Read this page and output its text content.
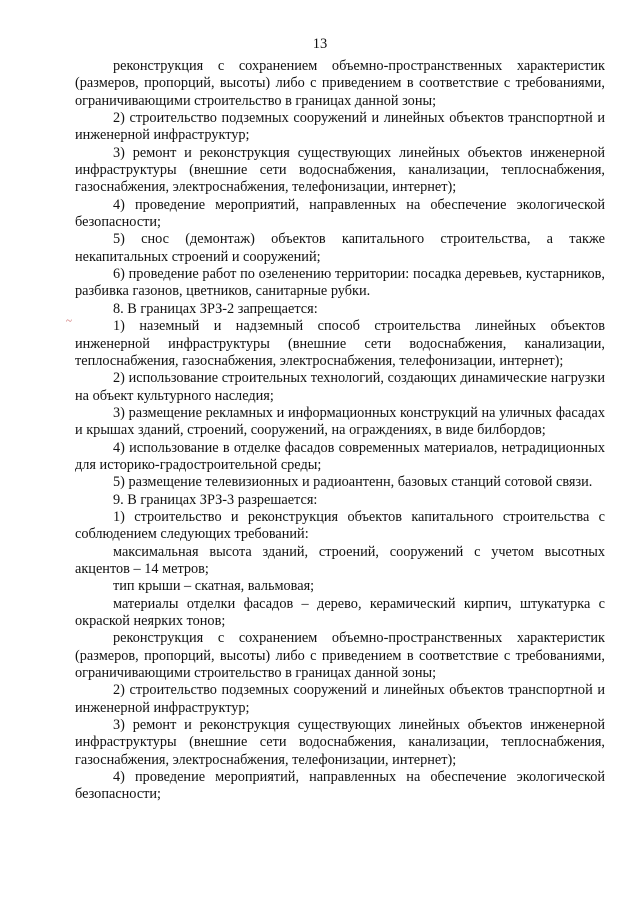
13
~

реконструкция с сохранением объемно-пространственных характеристик (размеров, пропорций, высоты) либо с приведением в соответствие с требованиями, ограничивающими строительство в границах данной зоны;

2) строительство подземных сооружений и линейных объектов транспортной и инженерной инфраструктур;

3) ремонт и реконструкция существующих линейных объектов инженерной инфраструктуры (внешние сети водоснабжения, канализации, теплоснабжения, газоснабжения, электроснабжения, телефонизации, интернет);

4) проведение мероприятий, направленных на обеспечение экологической безопасности;

5) снос (демонтаж) объектов капитального строительства, а также некапитальных строений и сооружений;

6) проведение работ по озеленению территории: посадка деревьев, кустарников, разбивка газонов, цветников, санитарные рубки.

8. В границах ЗРЗ-2 запрещается:

1) наземный и надземный способ строительства линейных объектов инженерной инфраструктуры (внешние сети водоснабжения, канализации, теплоснабжения, газоснабжения, электроснабжения, телефонизации, интернет);

2) использование строительных технологий, создающих динамические нагрузки на объект культурного наследия;

3) размещение рекламных и информационных конструкций на уличных фасадах и крышах зданий, строений, сооружений, на ограждениях, в виде билбордов;

4) использование в отделке фасадов современных материалов, нетрадиционных для историко-градостроительной среды;

5) размещение телевизионных и радиоантенн, базовых станций сотовой связи.

9. В границах ЗРЗ-3 разрешается:

1) строительство и реконструкция объектов капитального строительства с соблюдением следующих требований:

максимальная высота зданий, строений, сооружений с учетом высотных акцентов – 14 метров;

тип крыши – скатная, вальмовая;

материалы отделки фасадов – дерево, керамический кирпич, штукатурка с окраской неярких тонов;

реконструкция с сохранением объемно-пространственных характеристик (размеров, пропорций, высоты) либо с приведением в соответствие с требованиями, ограничивающими строительство в границах данной зоны;

2) строительство подземных сооружений и линейных объектов транспортной и инженерной инфраструктур;

3) ремонт и реконструкция существующих линейных объектов инженерной инфраструктуры (внешние сети водоснабжения, канализации, теплоснабжения, газоснабжения, электроснабжения, телефонизации, интернет);

4) проведение мероприятий, направленных на обеспечение экологической безопасности;
